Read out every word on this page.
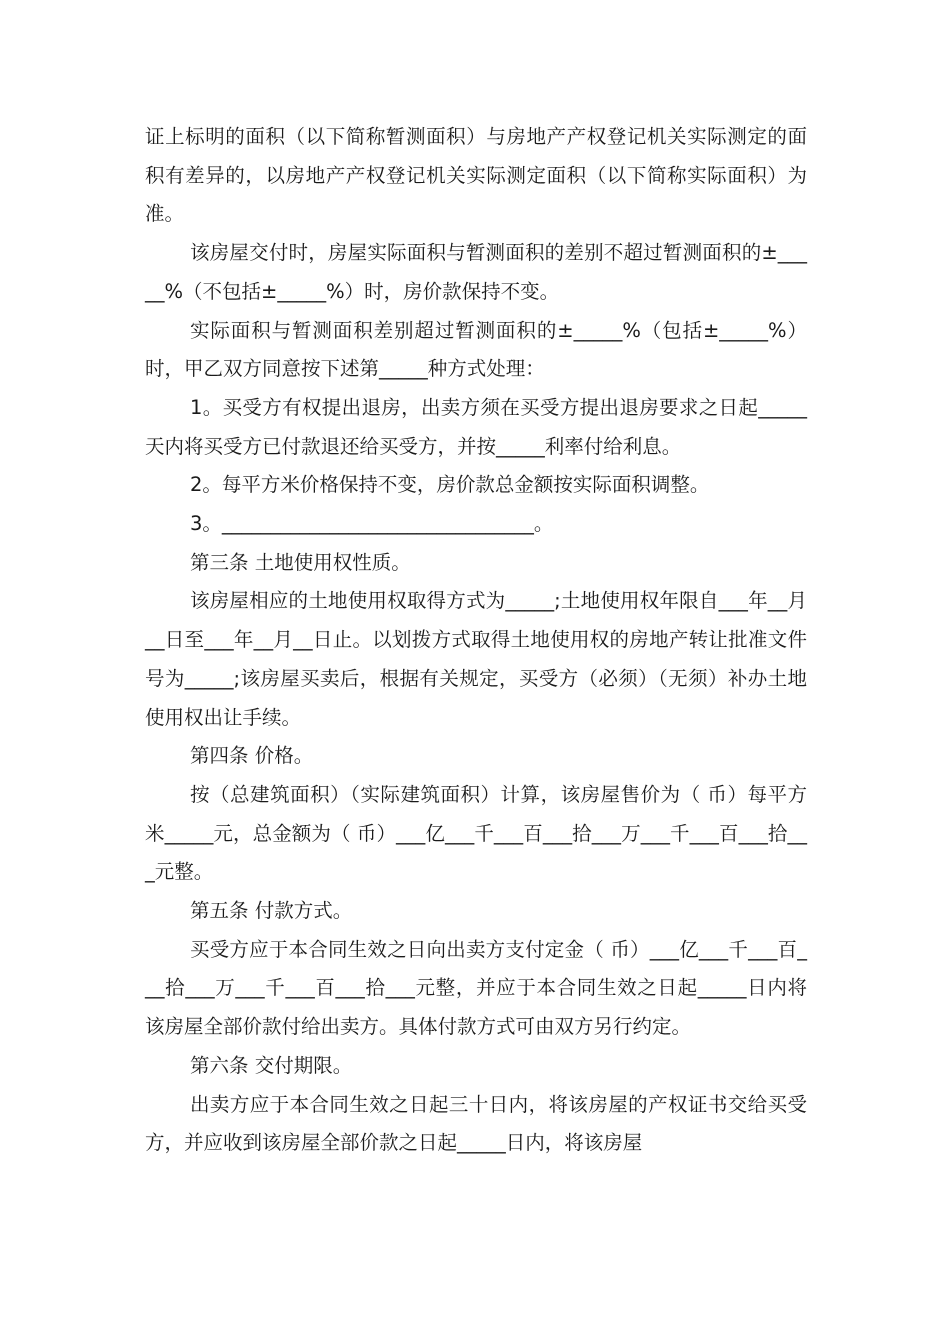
证上标明的面积（以下简称暂测面积）与房地产产权登记机关实际测定的面积有差异的，以房地产产权登记机关实际测定面积（以下简称实际面积）为准。

该房屋交付时，房屋实际面积与暂测面积的差别不超过暂测面积的±_____%（不包括±_____%）时，房价款保持不变。

实际面积与暂测面积差别超过暂测面积的±_____%（包括±_____%）时，甲乙双方同意按下述第_____种方式处理：

1。买受方有权提出退房，出卖方须在买受方提出退房要求之日起_____天内将买受方已付款退还给买受方，并按_____利率付给利息。

2。每平方米价格保持不变，房价款总金额按实际面积调整。

3。________________________________。

第三条 土地使用权性质。

该房屋相应的土地使用权取得方式为_____;土地使用权年限自___年__月__日至___年__月__日止。以划拨方式取得土地使用权的房地产转让批准文件号为_____;该房屋买卖后，根据有关规定，买受方（必须）（无须）补办土地使用权出让手续。

第四条 价格。

按（总建筑面积）（实际建筑面积）计算，该房屋售价为（ 币）每平方米_____元，总金额为（ 币）___亿___千___百___拾___万___千___百___拾___元整。

第五条 付款方式。

买受方应于本合同生效之日向出卖方支付定金（ 币）___亿___千___百___拾___万___千___百___拾___元整，并应于本合同生效之日起_____日内将该房屋全部价款付给出卖方。具体付款方式可由双方另行约定。

第六条 交付期限。

出卖方应于本合同生效之日起三十日内，将该房屋的产权证书交给买受方，并应收到该房屋全部价款之日起_____日内，将该房屋
